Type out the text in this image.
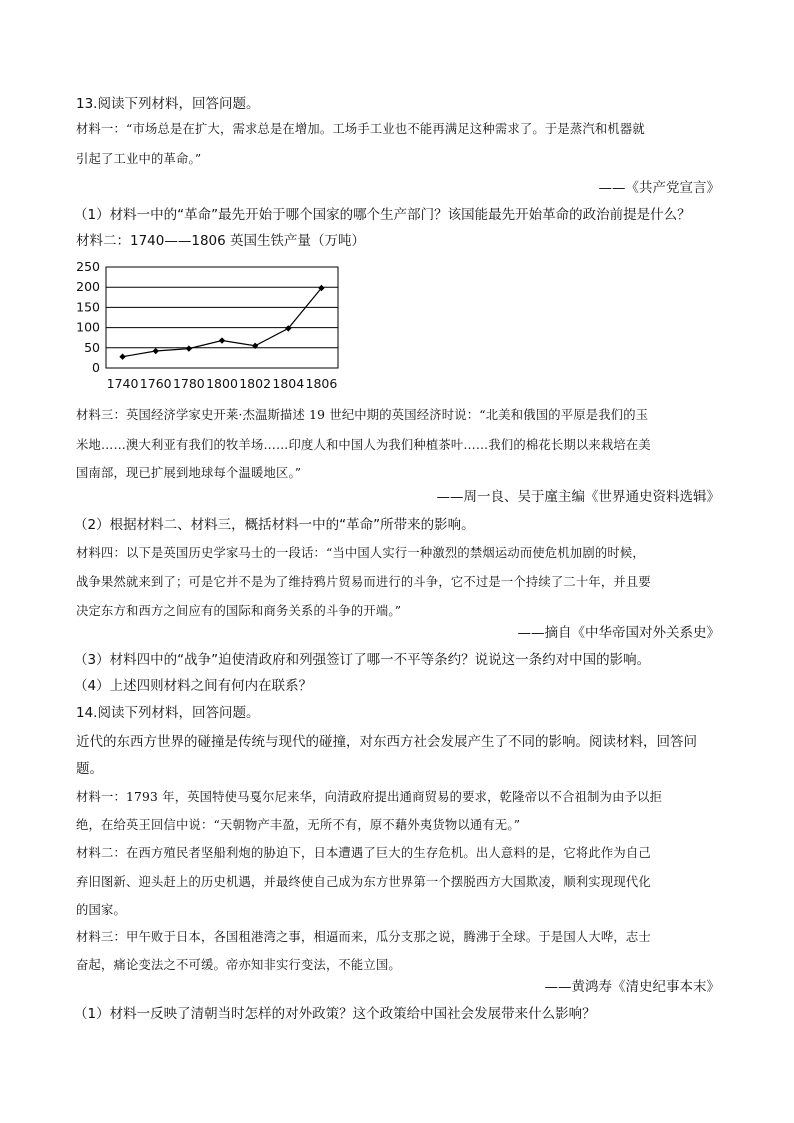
13.阅读下列材料，回答问题。
材料一：“市场总是在扩大，需求总是在增加。工场手工业也不能再满足这种需求了。于是蒸汽和机器就
引起了工业中的革命。”
——《共产党宣言》
（1）材料一中的“革命”最先开始于哪个国家的哪个生产部门？该国能最先开始革命的政治前提是什么？
材料二：1740——1806 英国生铁产量（万吨）
0
50
100
150
200
250
1740 1760 1780 1800 1802 1804 1806
材料三：英国经济学家史开莱·杰温斯描述 19 世纪中期的英国经济时说：“北美和俄国的平原是我们的玉
米地……澳大利亚有我们的牧羊场……印度人和中国人为我们种植茶叶……我们的棉花长期以来栽培在美
国南部，现已扩展到地球每个温暖地区。”
——周一良、吴于廑主编《世界通史资料选辑》
（2）根据材料二、材料三，概括材料一中的“革命”所带来的影响。
材料四：以下是英国历史学家马士的一段话：“当中国人实行一种激烈的禁烟运动而使危机加剧的时候，
战争果然就来到了；可是它并不是为了维持鸦片贸易而进行的斗争，它不过是一个持续了二十年，并且要
决定东方和西方之间应有的国际和商务关系的斗争的开端。”
——摘自《中华帝国对外关系史》
（3）材料四中的“战争”迫使清政府和列强签订了哪一不平等条约？说说这一条约对中国的影响。
（4）上述四则材料之间有何内在联系？
14.阅读下列材料，回答问题。
近代的东西方世界的碰撞是传统与现代的碰撞，对东西方社会发展产生了不同的影响。阅读材料，回答问
题。
材料一：1793 年，英国特使马戛尔尼来华，向清政府提出通商贸易的要求，乾隆帝以不合祖制为由予以拒
绝，在给英王回信中说：“天朝物产丰盈，无所不有，原不藉外夷货物以通有无。”
材料二：在西方殖民者坚船利炮的胁迫下，日本遭遇了巨大的生存危机。出人意料的是，它将此作为自己
弃旧图新、迎头赶上的历史机遇，并最终使自己成为东方世界第一个摆脱西方大国欺凌，顺利实现现代化
的国家。
材料三：甲午败于日本，各国租港湾之事，相逼而来，瓜分支那之说，腾沸于全球。于是国人大哗，志士
奋起，痛论变法之不可缓。帝亦知非实行变法，不能立国。
——黄鸿寿《清史纪事本末》
（1）材料一反映了清朝当时怎样的对外政策？这个政策给中国社会发展带来什么影响？
